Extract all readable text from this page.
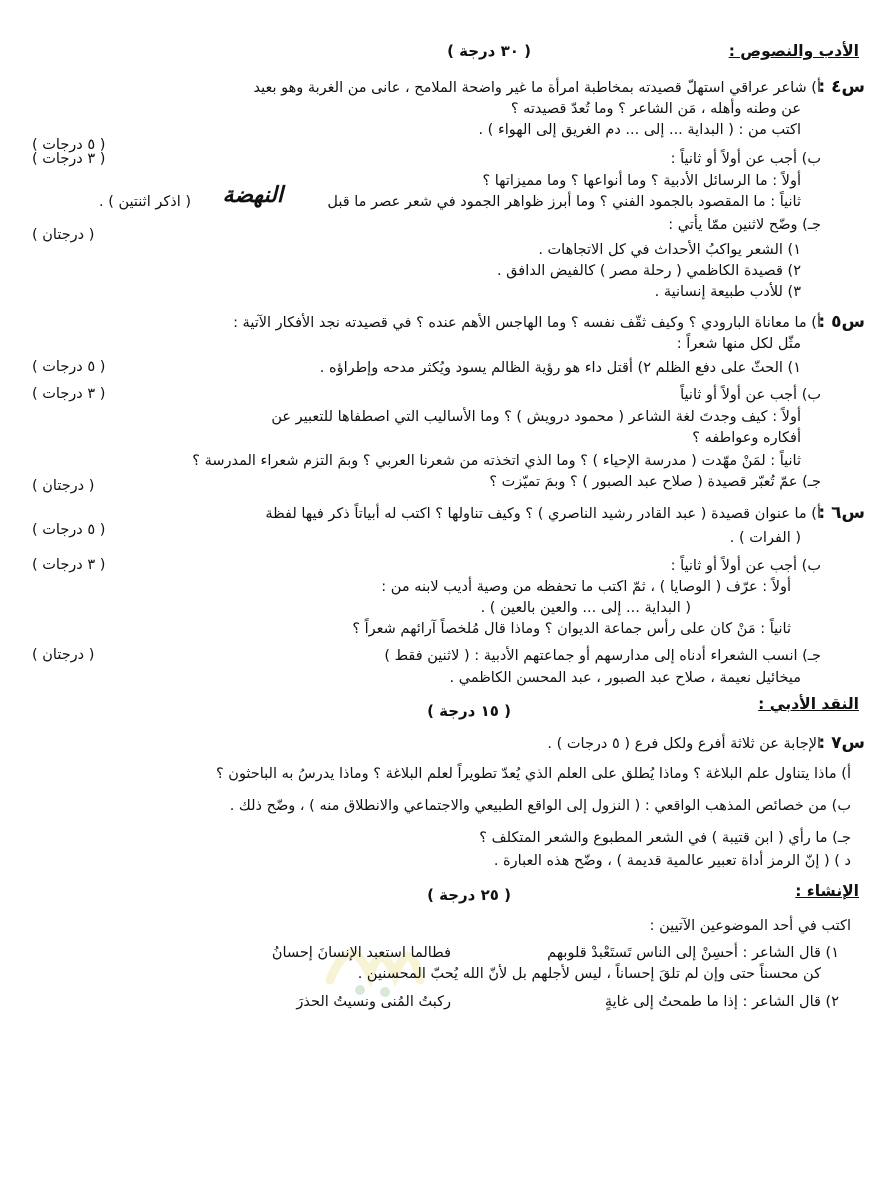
الأدب والنصوص :
( ٣٠ درجة )
س٤ :
أ) شاعر عراقي استهلّ قصيدته بمخاطبة امرأة ما غير واضحة الملامح ، عانى من الغربة وهو بعيد
عن وطنه وأهله ، مَن الشاعر ؟ وما تُعدّ قصيدته ؟
اكتب من : ( البداية ... إلى ... دم الغريق إلى الهواء ) .
( ٥ درجات )
ب) أجب عن أولاً أو ثانياً :
( ٣ درجات )
أولاً : ما الرسائل الأدبية ؟ وما أنواعها ؟ وما مميزاتها ؟
ثانياً : ما المقصود بالجمود الفني ؟ وما أبرز ظواهر الجمود في شعر عصر ما قبل
النهضة
( اذكر اثنتين ) .
جـ) وضّح لاثنين ممّا يأتي :
( درجتان )
١) الشعر يواكبُ الأحداث في كل الاتجاهات .
٢) قصيدة الكاظمي ( رحلة مصر ) كالفيض الدافق .
٣) للأدب طبيعة إنسانية .
س٥ :
أ) ما معاناة البارودي ؟ وكيف ثقّف نفسه ؟ وما الهاجس الأهم عنده ؟ في قصيدته نجد الأفكار الآتية :
مثّل لكل منها شعراً :
١) الحثّ على دفع الظلم ٢) أقتل داء هو رؤية الظالم يسود ويُكثر مدحه وإطراؤه .
( ٥ درجات )
ب) أجب عن أولاً أو ثانياً
( ٣ درجات )
أولاً : كيف وجدتَ لغة الشاعر ( محمود درويش ) ؟ وما الأساليب التي اصطفاها للتعبير عن
أفكاره وعواطفه ؟
ثانياً : لمَنْ مهّدت ( مدرسة الإحياء ) ؟ وما الذي اتخذته من شعرنا العربي ؟ وبمَ التزم شعراء المدرسة ؟
جـ) عمّ تُعبّر قصيدة ( صلاح عبد الصبور ) ؟ وبمَ تميّزت ؟
( درجتان )
س٦ :
أ) ما عنوان قصيدة ( عبد القادر رشيد الناصري ) ؟ وكيف تناولها ؟ اكتب له أبياتاً ذكر فيها لفظة
( الفرات ) .
( ٥ درجات )
ب) أجب عن أولاً أو ثانياً :
( ٣ درجات )
أولاً : عرّف ( الوصايا ) ، ثمّ اكتب ما تحفظه من وصية أديب لابنه من :
( البداية ... إلى ... والعين بالعين ) .
ثانياً : مَنْ كان على رأس جماعة الديوان ؟ وماذا قال مُلخصاً آرائهم شعراً ؟
جـ) انسب الشعراء أدناه إلى مدارسهم أو جماعتهم الأدبية : ( لاثنين فقط )
( درجتان )
ميخائيل نعيمة ، صلاح عبد الصبور ، عبد المحسن الكاظمي .
النقد الأدبي :
( ١٥ درجة )
س٧ :
الإجابة عن ثلاثة أفرع ولكل فرع ( ٥ درجات ) .
أ) ماذا يتناول علم البلاغة ؟ وماذا يُطلق على العلم الذي يُعدّ تطويراً لعلم البلاغة ؟ وماذا يدرسُ به الباحثون ؟
ب) من خصائص المذهب الواقعي : ( النزول إلى الواقع الطبيعي والاجتماعي والانطلاق منه ) ، وضّح ذلك .
جـ) ما رأي ( ابن قتيبة ) في الشعر المطبوع والشعر المتكلف ؟
د ) ( إنّ الرمز أداة تعبير عالمية قديمة ) ، وضّح هذه العبارة .
الإنشاء :
( ٢٥ درجة )
اكتب في أحد الموضوعين الآتيين :
١) قال الشاعر : أحسِنْ إلى الناس تَستَعْبدْ قلوبهم
فطالما استعبد الإنسانَ إحسانُ
كن محسناً حتى وإن لم تلقَ إحساناً ، ليس لأجلهم بل لأنّ الله يُحبّ المحسنين .
٢) قال الشاعر : إذا ما طمحتُ إلى غايةٍ
ركبتُ المُنى ونسيتُ الحذرَ
